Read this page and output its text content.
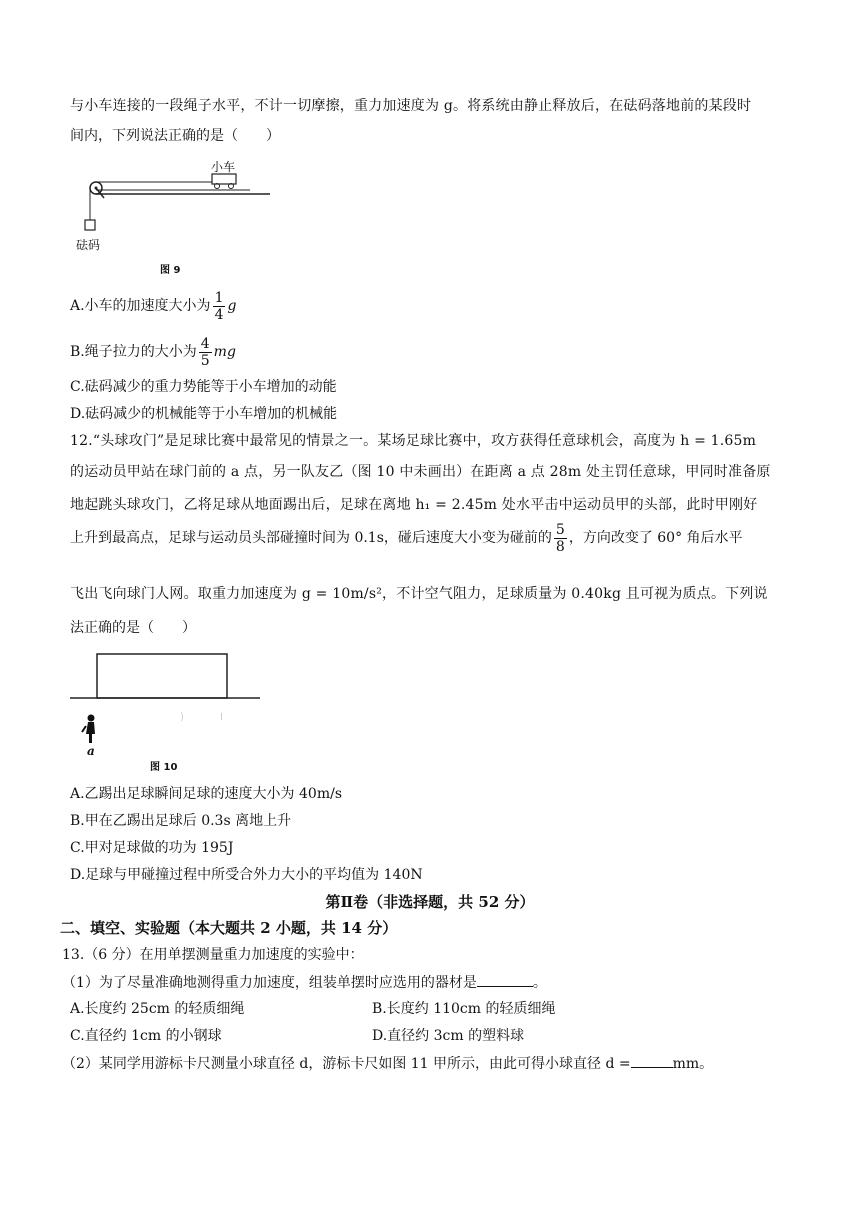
与小车连接的一段绳子水平，不计一切摩擦，重力加速度为 g。将系统由静止释放后，在砝码落地前的某段时
间内，下列说法正确的是（　　）
小车
砝码
图 9
A.小车的加速度大小为 $\frac{1}{4}$ g
B.绳子拉力的大小为 $\frac{4}{5}$ mg
C.砝码减少的重力势能等于小车增加的动能
D.砝码减少的机械能等于小车增加的机械能
12.“头球攻门”是足球比赛中最常见的情景之一。某场足球比赛中，攻方获得任意球机会，高度为 h = 1.65m
的运动员甲站在球门前的 a 点，另一队友乙（图 10 中未画出）在距离 a 点 28m 处主罚任意球，甲同时准备原
地起跳头球攻门，乙将足球从地面踢出后，足球在离地 h₁ = 2.45m 处水平击中运动员甲的头部，此时甲刚好
上升到最高点，足球与运动员头部碰撞时间为 0.1s，碰后速度大小变为碰前的 $\frac{5}{8}$ ，方向改变了 60° 角后水平
飞出飞向球门人网。取重力加速度为 g = 10m/s²，不计空气阻力，足球质量为 0.40kg 且可视为质点。下列说
法正确的是（　　）
)	I
a
图 10
A.乙踢出足球瞬间足球的速度大小为 40m/s
B.甲在乙踢出足球后 0.3s 离地上升
C.甲对足球做的功为 195J
D.足球与甲碰撞过程中所受合外力大小的平均值为 140N
第Ⅱ卷（非选择题，共 52 分）
二、填空、实验题（本大题共 2 小题，共 14 分）
13.（6 分）在用单摆测量重力加速度的实验中：
（1）为了尽量准确地测得重力加速度，组装单摆时应选用的器材是	。
A.长度约 25cm 的轻质细绳	B.长度约 110cm 的轻质细绳
C.直径约 1cm 的小钢球	D.直径约 3cm 的塑料球
（2）某同学用游标卡尺测量小球直径 d，游标卡尺如图 11 甲所示，由此可得小球直径 d =	mm。
